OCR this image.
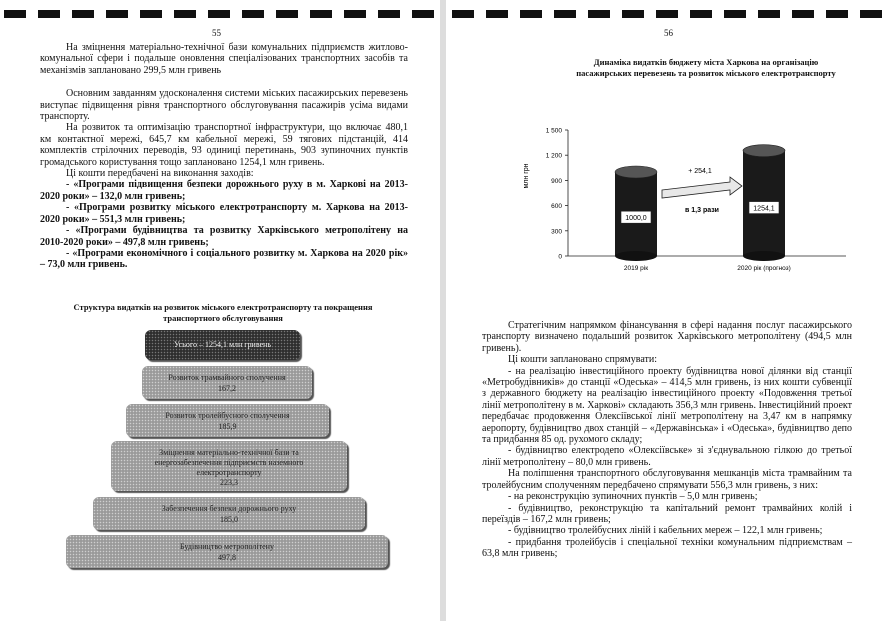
55

На зміцнення матеріально-технічної бази комунальних підприємств житлово-комунальної сфери і подальше оновлення спеціалізованих транспортних засобів та механізмів заплановано 299,5 млн гривень

Основним завданням удосконалення системи міських пасажирських перевезень виступає підвищення рівня транспортного обслуговування пасажирів усіма видами транспорту.

На розвиток та оптимізацію транспортної інфраструктури, що включає 480,1 км контактної мережі, 645,7 км кабельної мережі, 59 тягових підстанцій, 414 комплектів стрілочних переводів, 93 одиниці перетинань, 903 зупиночних пунктів громадського користування тощо заплановано 1254,1 млн гривень.

Ці кошти передбачені на виконання заходів:

- «Програми підвищення безпеки дорожнього руху в м. Харкові на 2013-2020 роки» – 132,0 млн гривень;

- «Програми розвитку міського електротранспорту м. Харкова на 2013-2020 роки» – 551,3 млн гривень;

- «Програми будівництва та розвитку Харківського метрополітену на 2010-2020 роки» – 497,8 млн гривень;

- «Програми економічного і соціального розвитку м. Харкова на 2020 рік» – 73,0 млн гривень.

Структура видатків на розвиток міського електротранспорту та покращення транспортного обслуговування
Усього – 1254,1 млн гривень
Розвиток трамвайного сполучення
167,2
Розвиток тролейбусного сполучення
185,9
Зміцнення матеріально-технічної бази та енергозабезпечення підприємств наземного електротранспорту
223,3
Забезпечення безпеки дорожнього руху
185,0
Будівництво метрополітену
497,8
56
Динаміка видатків бюджету міста Харкова на організацію пасажирських перевезень та розвиток міського електротранспорту
0
300
600
900
1 200
1 500
млн грн
1000,0
2019 рік
1254,1
2020 рік (прогноз)
+ 254,1
в 1,3 рази

Стратегічним напрямком фінансування в сфері надання послуг пасажирського транспорту визначено подальший розвиток Харківського метрополітену (494,5 млн гривень).

Ці кошти заплановано спрямувати:

- на реалізацію інвестиційного проекту будівництва нової ділянки від станції «Метробудівників» до станції «Одеська» – 414,5 млн гривень, із них кошти субвенції з державного бюджету на реалізацію інвестиційного проекту «Подовження третьої лінії метрополітену в м. Харкові» складають 356,3 млн гривень. Інвестиційний проект передбачає продовження Олексіївської лінії метрополітену на 3,47 км в напрямку аеропорту, будівництво двох станцій – «Державінська» і «Одеська», будівництво депо та придбання 85 од. рухомого складу;

- будівництво електродепо «Олексіївське» зі з'єднувальною гілкою до третьої лінії метрополітену – 80,0 млн гривень.

На поліпшення транспортного обслуговування мешканців міста трамвайним та тролейбусним сполученням передбачено спрямувати 556,3 млн гривень, з них:

- на реконструкцію зупиночних пунктів – 5,0 млн гривень;

- будівництво, реконструкцію та капітальний ремонт трамвайних колій і переїздів – 167,2 млн гривень;

- будівництво тролейбусних ліній і кабельних мереж – 122,1 млн гривень;

- придбання тролейбусів і спеціальної техніки комунальним підприємствам – 63,8 млн гривень;
